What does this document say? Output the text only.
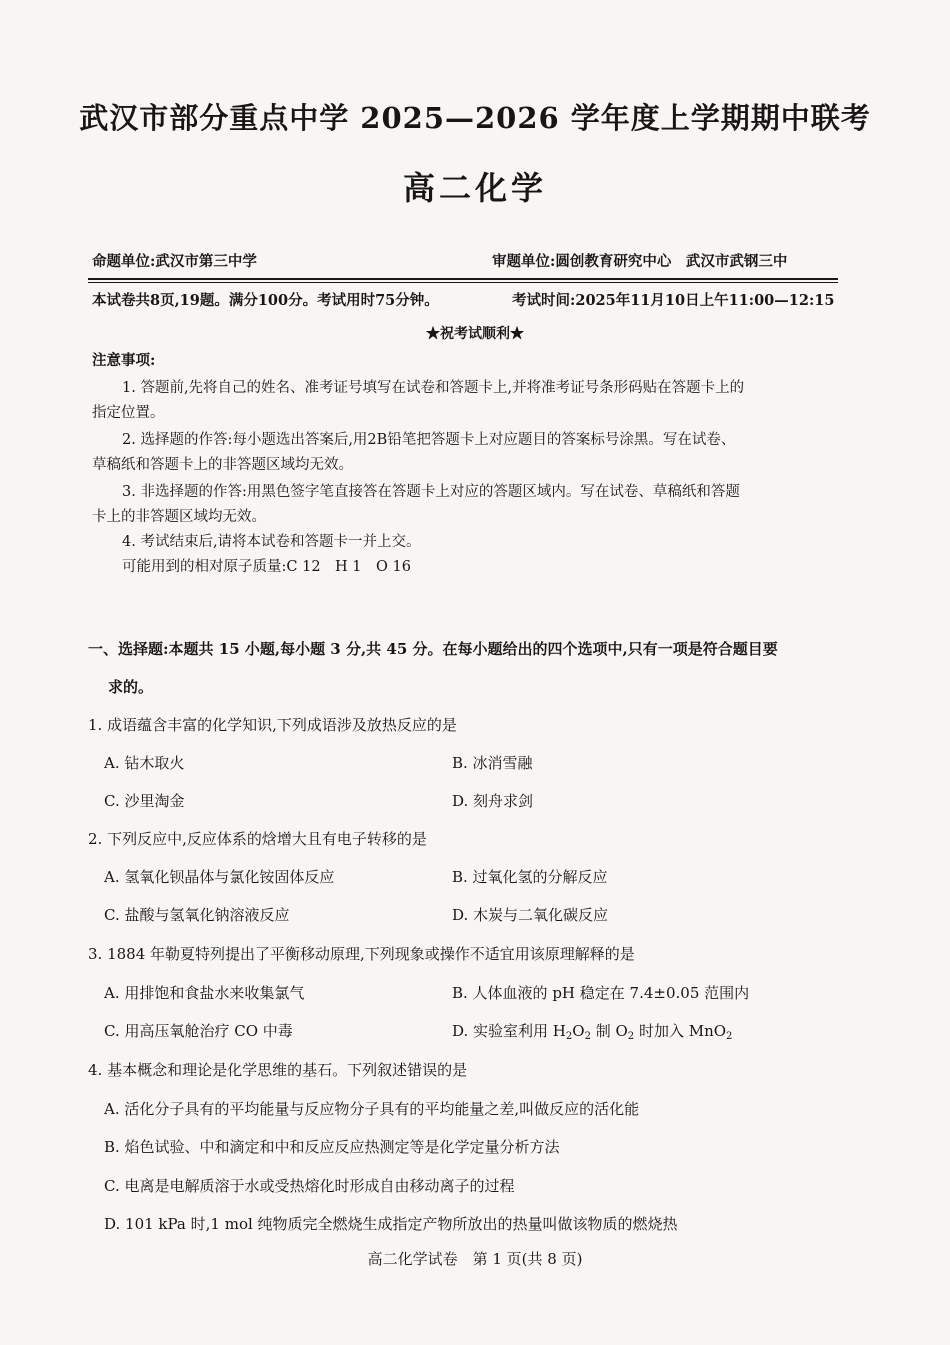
武汉市部分重点中学 2025—2026 学年度上学期期中联考
高二化学
命题单位:武汉市第三中学	审题单位:圆创教育研究中心　武汉市武钢三中
本试卷共8页,19题。满分100分。考试用时75分钟。	考试时间:2025年11月10日上午11:00—12:15
★祝考试顺利★
注意事项:
1. 答题前,先将自己的姓名、准考证号填写在试卷和答题卡上,并将准考证号条形码贴在答题卡上的
指定位置。
2. 选择题的作答:每小题选出答案后,用2B铅笔把答题卡上对应题目的答案标号涂黑。写在试卷、
草稿纸和答题卡上的非答题区域均无效。
3. 非选择题的作答:用黑色签字笔直接答在答题卡上对应的答题区域内。写在试卷、草稿纸和答题
卡上的非答题区域均无效。
4. 考试结束后,请将本试卷和答题卡一并上交。
可能用到的相对原子质量:C 12　H 1　O 16
一、选择题:本题共 15 小题,每小题 3 分,共 45 分。在每小题给出的四个选项中,只有一项是符合题目要
求的。
1. 成语蕴含丰富的化学知识,下列成语涉及放热反应的是
A. 钻木取火	B. 冰消雪融
C. 沙里淘金	D. 刻舟求剑
2. 下列反应中,反应体系的焓增大且有电子转移的是
A. 氢氧化钡晶体与氯化铵固体反应	B. 过氧化氢的分解反应
C. 盐酸与氢氧化钠溶液反应	D. 木炭与二氧化碳反应
3. 1884 年勒夏特列提出了平衡移动原理,下列现象或操作不适宜用该原理解释的是
A. 用排饱和食盐水来收集氯气	B. 人体血液的 pH 稳定在 7.4±0.05 范围内
C. 用高压氧舱治疗 CO 中毒	D. 实验室利用 $H_2O_2$ 制 $O_2$ 时加入 MnO$_2$
4. 基本概念和理论是化学思维的基石。下列叙述错误的是
A. 活化分子具有的平均能量与反应物分子具有的平均能量之差,叫做反应的活化能
B. 焰色试验、中和滴定和中和反应反应热测定等是化学定量分析方法
C. 电离是电解质溶于水或受热熔化时形成自由移动离子的过程
D. 101 kPa 时,1 mol 纯物质完全燃烧生成指定产物所放出的热量叫做该物质的燃烧热
高二化学试卷　第 1 页(共 8 页)
